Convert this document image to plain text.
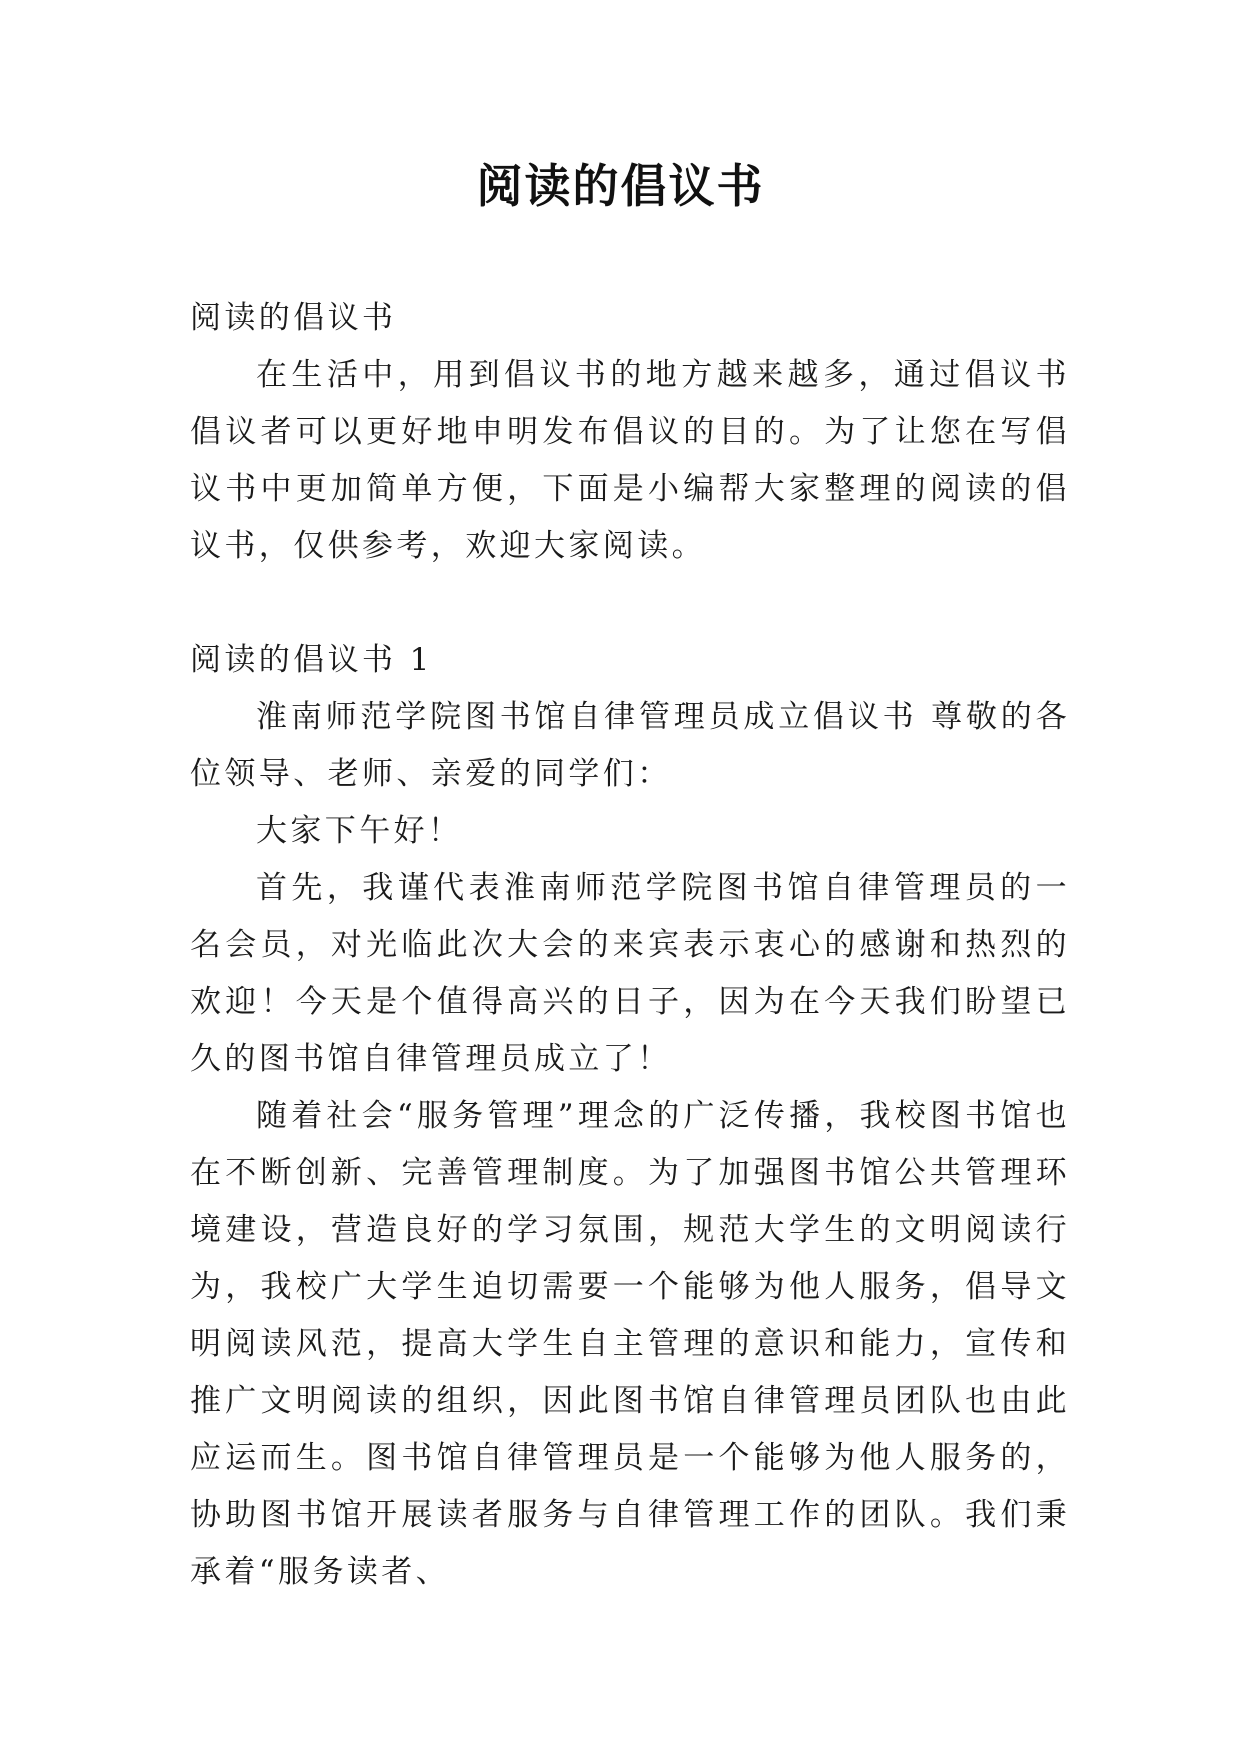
阅读的倡议书

阅读的倡议书

在生活中，用到倡议书的地方越来越多，通过倡议书倡议者可以更好地申明发布倡议的目的。为了让您在写倡议书中更加简单方便，下面是小编帮大家整理的阅读的倡议书，仅供参考，欢迎大家阅读。

阅读的倡议书 1

淮南师范学院图书馆自律管理员成立倡议书 尊敬的各位领导、老师、亲爱的同学们：

大家下午好！

首先，我谨代表淮南师范学院图书馆自律管理员的一名会员，对光临此次大会的来宾表示衷心的感谢和热烈的欢迎！今天是个值得高兴的日子，因为在今天我们盼望已久的图书馆自律管理员成立了！

随着社会“服务管理”理念的广泛传播，我校图书馆也在不断创新、完善管理制度。为了加强图书馆公共管理环境建设，营造良好的学习氛围，规范大学生的文明阅读行为，我校广大学生迫切需要一个能够为他人服务，倡导文明阅读风范，提高大学生自主管理的意识和能力，宣传和推广文明阅读的组织，因此图书馆自律管理员团队也由此应运而生。图书馆自律管理员是一个能够为他人服务的，协助图书馆开展读者服务与自律管理工作的团队。我们秉承着“服务读者、
